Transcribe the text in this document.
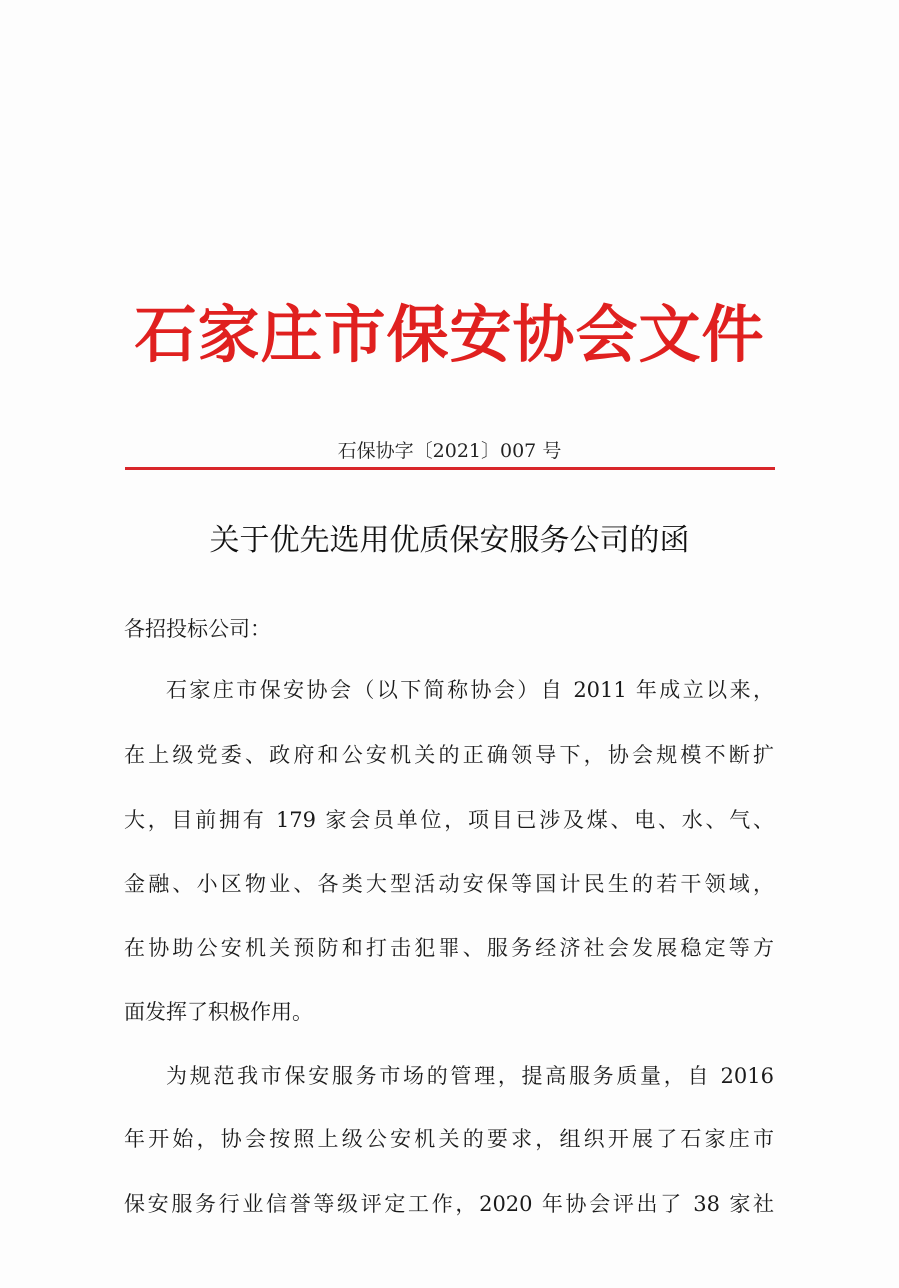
石家庄市保安协会文件
石保协字〔2021〕007 号
关于优先选用优质保安服务公司的函
各招投标公司：
石家庄市保安协会（以下简称协会）自 2011 年成立以来，
在上级党委、政府和公安机关的正确领导下，协会规模不断扩
大，目前拥有 179 家会员单位，项目已涉及煤、电、水、气、
金融、小区物业、各类大型活动安保等国计民生的若干领域，
在协助公安机关预防和打击犯罪、服务经济社会发展稳定等方
面发挥了积极作用。
为规范我市保安服务市场的管理，提高服务质量，自 2016
年开始，协会按照上级公安机关的要求，组织开展了石家庄市
保安服务行业信誉等级评定工作，2020 年协会评出了 38 家社
